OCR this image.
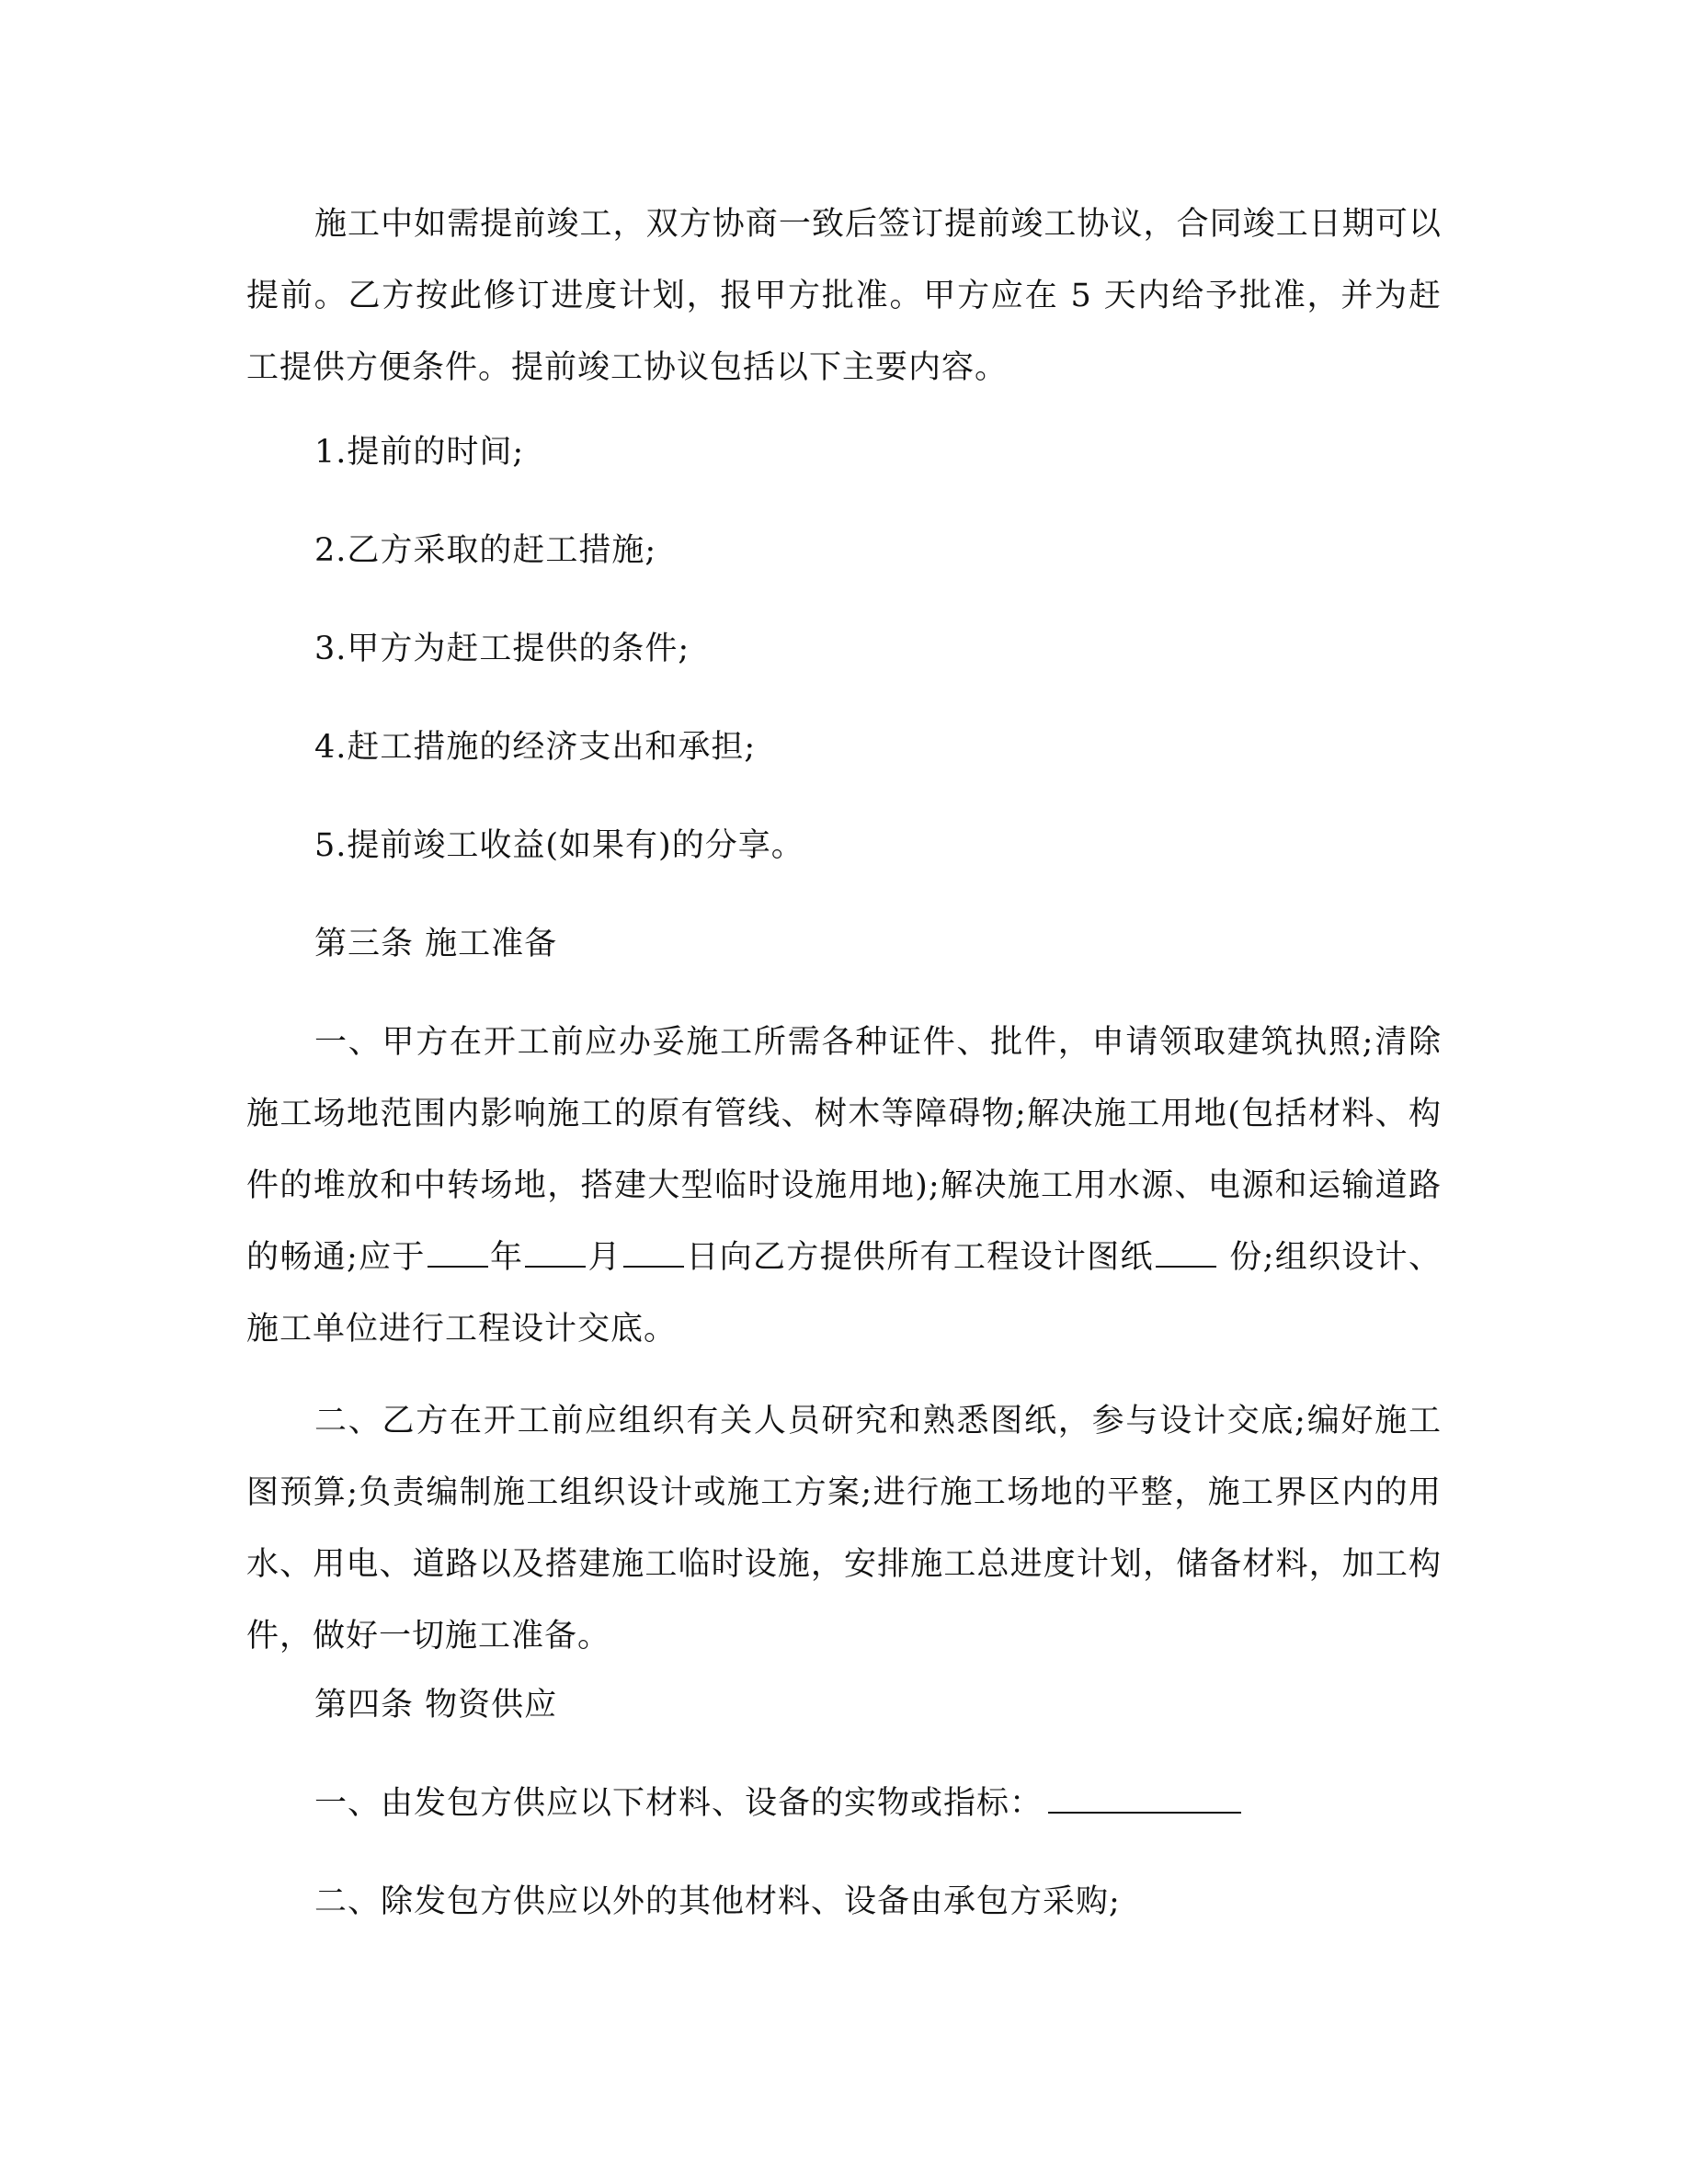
施工中如需提前竣工，双方协商一致后签订提前竣工协议，合同竣工日期可以提前。乙方按此修订进度计划，报甲方批准。甲方应在 5 天内给予批准，并为赶工提供方便条件。提前竣工协议包括以下主要内容。

1.提前的时间;

2.乙方采取的赶工措施;

3.甲方为赶工提供的条件;

4.赶工措施的经济支出和承担;

5.提前竣工收益(如果有)的分享。

第三条 施工准备

一、甲方在开工前应办妥施工所需各种证件、批件，申请领取建筑执照;清除施工场地范围内影响施工的原有管线、树木等障碍物;解决施工用地(包括材料、构件的堆放和中转场地，搭建大型临时设施用地);解决施工用水源、电源和运输道路的畅通;应于 年 月 日向乙方提供所有工程设计图纸 份;组织设计、施工单位进行工程设计交底。

二、乙方在开工前应组织有关人员研究和熟悉图纸，参与设计交底;编好施工图预算;负责编制施工组织设计或施工方案;进行施工场地的平整，施工界区内的用水、用电、道路以及搭建施工临时设施，安排施工总进度计划，储备材料，加工构件，做好一切施工准备。

第四条 物资供应

一、由发包方供应以下材料、设备的实物或指标：

二、除发包方供应以外的其他材料、设备由承包方采购;
